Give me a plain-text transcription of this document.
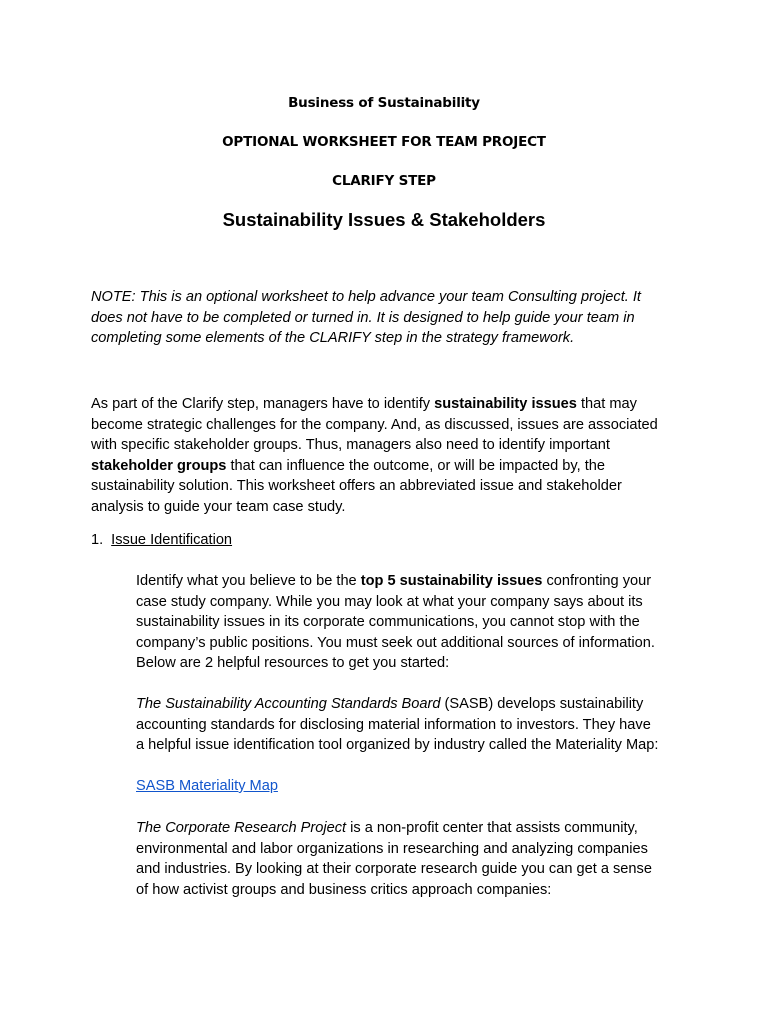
Business of Sustainability
OPTIONAL WORKSHEET FOR TEAM PROJECT
CLARIFY STEP
Sustainability Issues & Stakeholders
NOTE: This is an optional worksheet to help advance your team Consulting project. It
does not have to be completed or turned in. It is designed to help guide your team in
completing some elements of the CLARIFY step in the strategy framework.
As part of the Clarify step, managers have to identify sustainability issues that may
become strategic challenges for the company. And, as discussed, issues are associated
with specific stakeholder groups. Thus, managers also need to identify important
stakeholder groups that can influence the outcome, or will be impacted by, the
sustainability solution. This worksheet offers an abbreviated issue and stakeholder
analysis to guide your team case study.
1. Issue Identification
Identify what you believe to be the top 5 sustainability issues confronting your
case study company. While you may look at what your company says about its
sustainability issues in its corporate communications, you cannot stop with the
company’s public positions. You must seek out additional sources of information.
Below are 2 helpful resources to get you started:
The Sustainability Accounting Standards Board (SASB) develops sustainability
accounting standards for disclosing material information to investors. They have
a helpful issue identification tool organized by industry called the Materiality Map:
SASB Materiality Map
The Corporate Research Project is a non-profit center that assists community,
environmental and labor organizations in researching and analyzing companies
and industries. By looking at their corporate research guide you can get a sense
of how activist groups and business critics approach companies:
